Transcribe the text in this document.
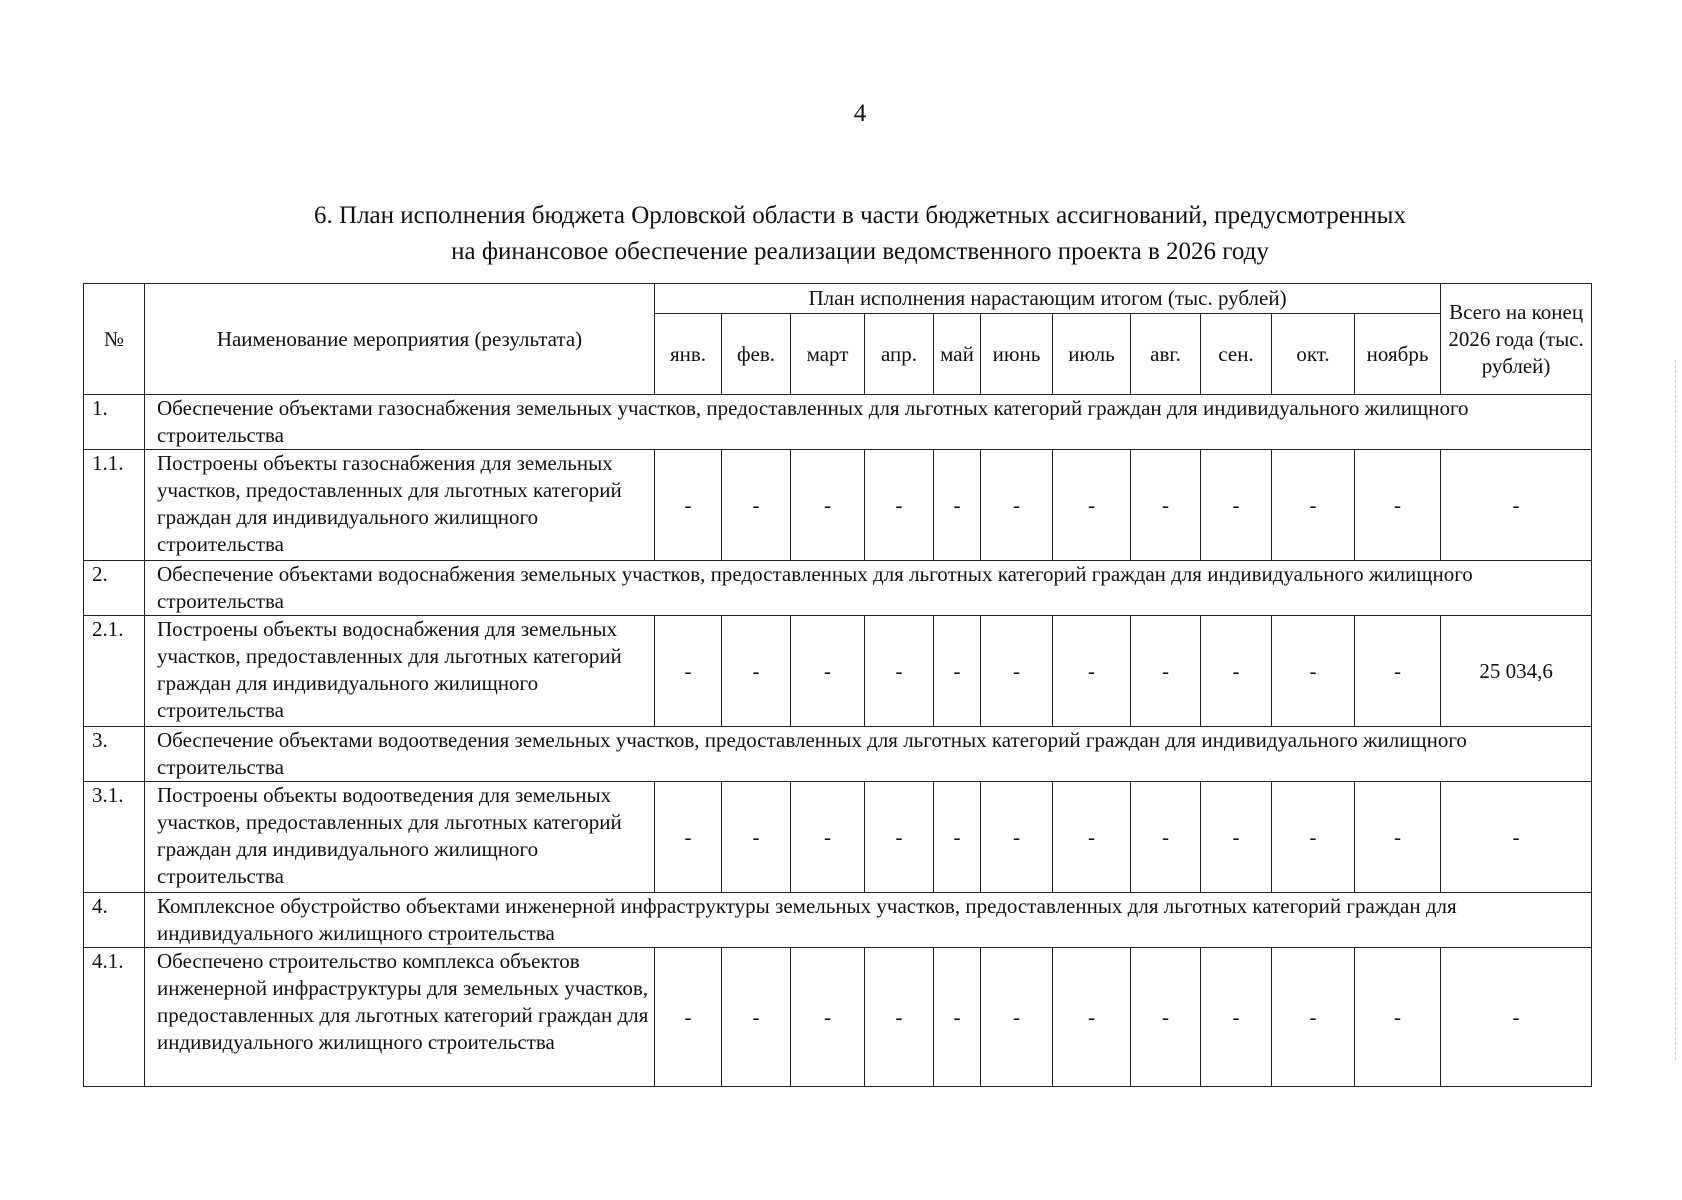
4
6. План исполнения бюджета Орловской области в части бюджетных ассигнований, предусмотренных
на финансовое обеспечение реализации ведомственного проекта в 2026 году
№	Наименование мероприятия (результата)	План исполнения нарастающим итогом (тыс. рублей)											Всего на конец 2026 года (тыс. рублей)
		янв.	фев.	март	апр.	май	июнь	июль	авг.	сен.	окт.	ноябрь	
1.	Обеспечение объектами газоснабжения земельных участков, предоставленных для льготных категорий граждан для индивидуального жилищного строительства												
1.1.	Построены объекты газоснабжения для земельных участков, предоставленных для льготных категорий граждан для индивидуального жилищного строительства	-	-	-	-	-	-	-	-	-	-	-	-
2.	Обеспечение объектами водоснабжения земельных участков, предоставленных для льготных категорий граждан для индивидуального жилищного строительства												
2.1.	Построены объекты водоснабжения для земельных участков, предоставленных для льготных категорий граждан для индивидуального жилищного строительства	-	-	-	-	-	-	-	-	-	-	-	25 034,6
3.	Обеспечение объектами водоотведения земельных участков, предоставленных для льготных категорий граждан для индивидуального жилищного строительства												
3.1.	Построены объекты водоотведения для земельных участков, предоставленных для льготных категорий граждан для индивидуального жилищного строительства	-	-	-	-	-	-	-	-	-	-	-	-
4.	Комплексное обустройство объектами инженерной инфраструктуры земельных участков, предоставленных для льготных категорий граждан для индивидуального жилищного строительства												
4.1.	Обеспечено строительство комплекса объектов инженерной инфраструктуры для земельных участков, предоставленных для льготных категорий граждан для индивидуального жилищного строительства	-	-	-	-	-	-	-	-	-	-	-	-
